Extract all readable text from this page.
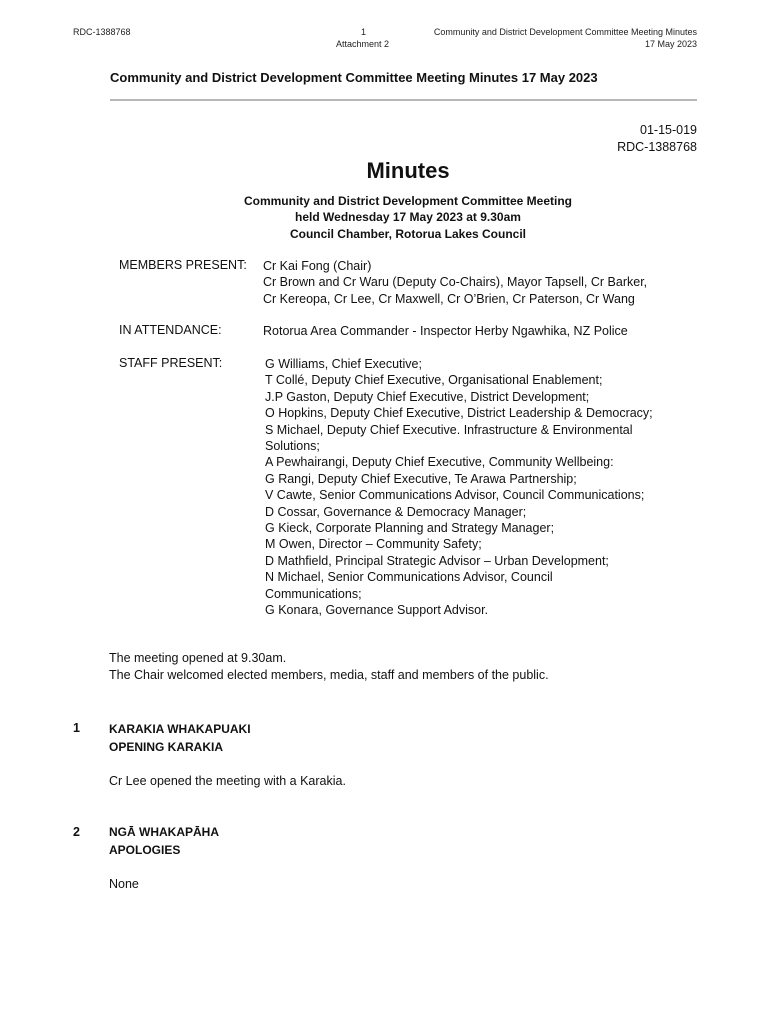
RDC-1388768	1
Attachment 2
Community and District Development Committee Meeting Minutes
17 May 2023
Community and District Development Committee Meeting Minutes 17 May 2023
01-15-019
RDC-1388768
Minutes
Community and District Development Committee Meeting
held Wednesday 17 May 2023 at 9.30am
Council Chamber, Rotorua Lakes Council
MEMBERS PRESENT: Cr Kai Fong (Chair)
Cr Brown and Cr Waru (Deputy Co-Chairs), Mayor Tapsell, Cr Barker,
Cr Kereopa, Cr Lee, Cr Maxwell, Cr O’Brien, Cr Paterson, Cr Wang
IN ATTENDANCE:	Rotorua Area Commander - Inspector Herby Ngawhika, NZ Police
STAFF PRESENT:	G Williams, Chief Executive;
T Collé, Deputy Chief Executive, Organisational Enablement;
J.P Gaston, Deputy Chief Executive, District Development;
O Hopkins, Deputy Chief Executive, District Leadership & Democracy;
S Michael, Deputy Chief Executive. Infrastructure & Environmental
Solutions;
A Pewhairangi, Deputy Chief Executive, Community Wellbeing:
G Rangi, Deputy Chief Executive, Te Arawa Partnership;
V Cawte, Senior Communications Advisor, Council Communications;
D Cossar, Governance & Democracy Manager;
G Kieck, Corporate Planning and Strategy Manager;
M Owen, Director – Community Safety;
D Mathfield, Principal Strategic Advisor – Urban Development;
N Michael, Senior Communications Advisor, Council
Communications;
G Konara, Governance Support Advisor.
The meeting opened at 9.30am.
The Chair welcomed elected members, media, staff and members of the public.
1 KARAKIA WHAKAPUAKI
OPENING KARAKIA
Cr Lee opened the meeting with a Karakia.
2 NGĀ WHAKAPĀHA
APOLOGIES
None
